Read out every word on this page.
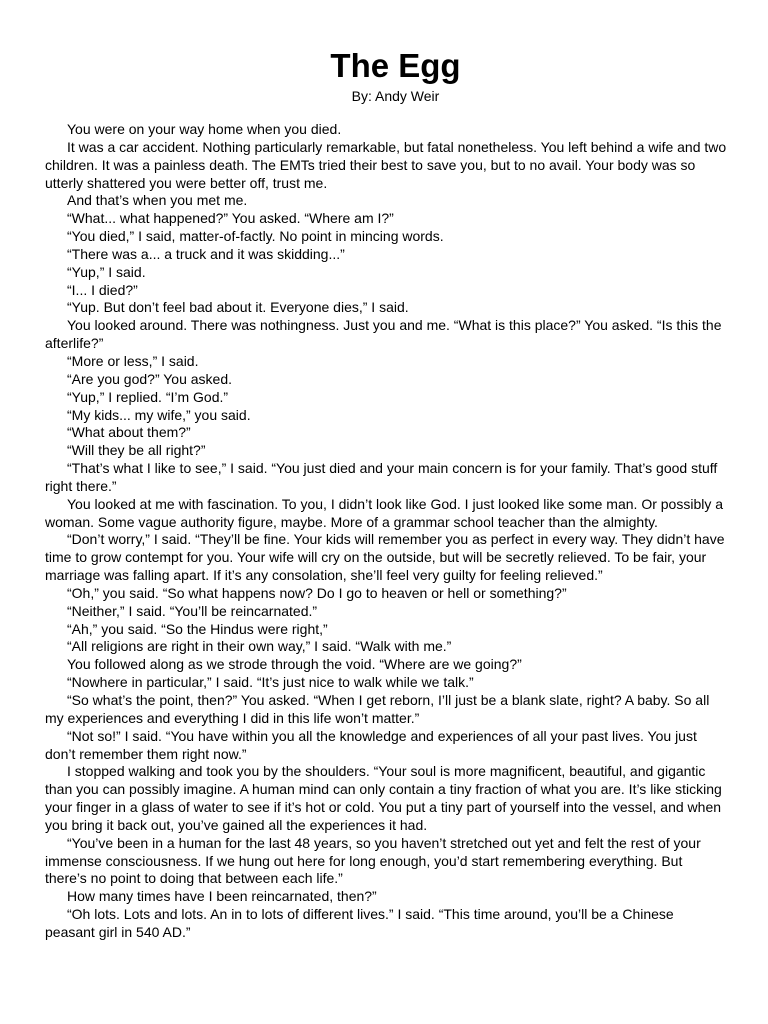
The Egg
By: Andy Weir

You were on your way home when you died.

It was a car accident. Nothing particularly remarkable, but fatal nonetheless. You left behind a wife and two children. It was a painless death. The EMTs tried their best to save you, but to no avail. Your body was so utterly shattered you were better off, trust me.

And that’s when you met me.

“What... what happened?” You asked. “Where am I?”

“You died,” I said, matter-of-factly. No point in mincing words.

“There was a... a truck and it was skidding...”

“Yup,” I said.

“I... I died?”

“Yup. But don’t feel bad about it. Everyone dies,” I said.

You looked around. There was nothingness. Just you and me. “What is this place?” You asked. “Is this the afterlife?”

“More or less,” I said.

“Are you god?” You asked.

“Yup,” I replied. “I’m God.”

“My kids... my wife,” you said.

“What about them?”

“Will they be all right?”

“That’s what I like to see,” I said. “You just died and your main concern is for your family. That’s good stuff right there.”

You looked at me with fascination. To you, I didn’t look like God. I just looked like some man. Or possibly a woman. Some vague authority figure, maybe. More of a grammar school teacher than the almighty.

“Don’t worry,” I said. “They’ll be fine. Your kids will remember you as perfect in every way. They didn’t have time to grow contempt for you. Your wife will cry on the outside, but will be secretly relieved. To be fair, your marriage was falling apart. If it’s any consolation, she’ll feel very guilty for feeling relieved.”

“Oh,” you said. “So what happens now? Do I go to heaven or hell or something?”

“Neither,” I said. “You’ll be reincarnated.”

“Ah,” you said. “So the Hindus were right,”

“All religions are right in their own way,” I said. “Walk with me.”

You followed along as we strode through the void. “Where are we going?”

“Nowhere in particular,” I said. “It’s just nice to walk while we talk.”

“So what’s the point, then?” You asked. “When I get reborn, I’ll just be a blank slate, right? A baby. So all my experiences and everything I did in this life won’t matter.”

“Not so!” I said. “You have within you all the knowledge and experiences of all your past lives. You just don’t remember them right now.”

I stopped walking and took you by the shoulders. “Your soul is more magnificent, beautiful, and gigantic than you can possibly imagine. A human mind can only contain a tiny fraction of what you are. It’s like sticking your finger in a glass of water to see if it’s hot or cold. You put a tiny part of yourself into the vessel, and when you bring it back out, you’ve gained all the experiences it had.

“You’ve been in a human for the last 48 years, so you haven’t stretched out yet and felt the rest of your immense consciousness. If we hung out here for long enough, you’d start remembering everything. But there’s no point to doing that between each life.”

How many times have I been reincarnated, then?”

“Oh lots. Lots and lots. An in to lots of different lives.” I said. “This time around, you’ll be a Chinese peasant girl in 540 AD.”
